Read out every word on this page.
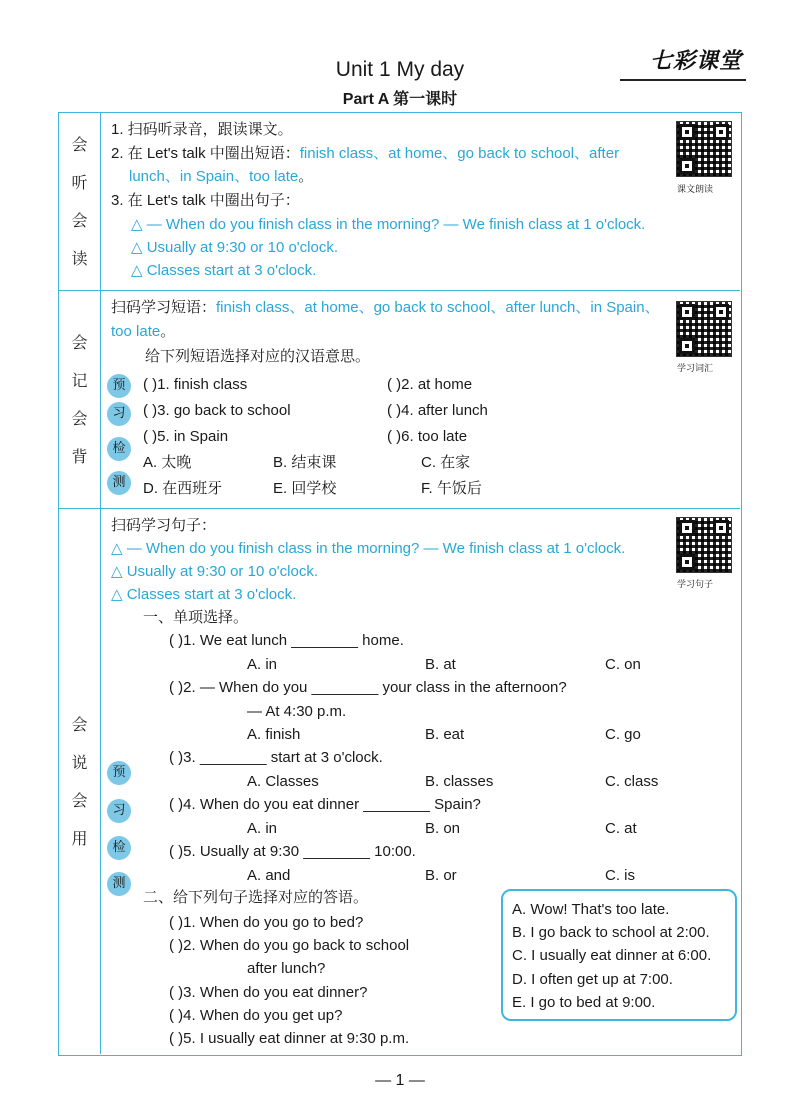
七彩课堂
Unit 1 My day
Part A 第一课时
会
听
会
读
1. 扫码听录音，跟读课文。
2. 在 Let's talk 中圈出短语：finish class、at home、go back to school、after
lunch、in Spain、too late。
3. 在 Let's talk 中圈出句子：
△ — When do you finish class in the morning? — We finish class at 1 o'clock.
△ Usually at 9:30 or 10 o'clock.
△ Classes start at 3 o'clock.
课文朗读
会
记
会
背
扫码学习短语：finish class、at home、go back to school、after lunch、in Spain、
too late。
给下列短语选择对应的汉语意思。
预
习
检
测
( )1. finish class	( )2. at home
( )3. go back to school	( )4. after lunch
( )5. in Spain	( )6. too late
A. 太晚	B. 结束课	C. 在家
D. 在西班牙	E. 回学校	F. 午饭后
学习词汇
会
说
会
用
扫码学习句子：
△ — When do you finish class in the morning? — We finish class at 1 o'clock.
△ Usually at 9:30 or 10 o'clock.
△ Classes start at 3 o'clock.
学习句子
一、单项选择。
( )1. We eat lunch ________ home.
A. in	B. at	C. on
( )2. — When do you ________ your class in the afternoon?
— At 4:30 p.m.
A. finish	B. eat	C. go
( )3. ________ start at 3 o'clock.
A. Classes	B. classes	C. class
( )4. When do you eat dinner ________ Spain?
A. in	B. on	C. at
( )5. Usually at 9:30 ________ 10:00.
A. and	B. or	C. is
预
习
检
测
二、给下列句子选择对应的答语。
( )1. When do you go to bed?
( )2. When do you go back to school
after lunch?
( )3. When do you eat dinner?
( )4. When do you get up?
( )5. I usually eat dinner at 9:30 p.m.
A. Wow! That's too late.
B. I go back to school at 2:00.
C. I usually eat dinner at 6:00.
D. I often get up at 7:00.
E. I go to bed at 9:00.
— 1 —
